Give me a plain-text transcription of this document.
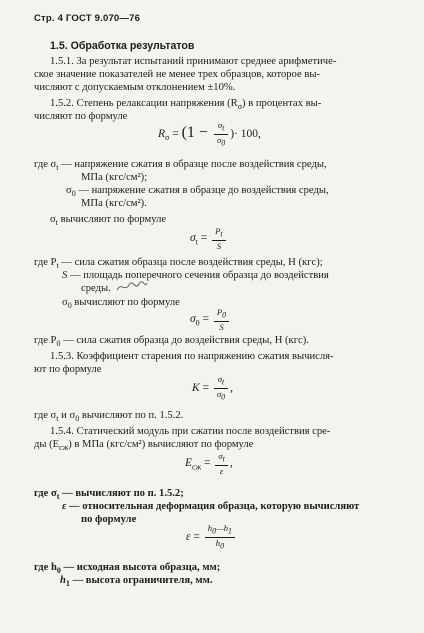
Стр. 4 ГОСТ 9.070—76
1.5. Обработка результатов
1.5.1. За результат испытаний принимают среднее арифметиче-
ское значение показателей не менее трех образцов, которое вы-
числяют с допускаемым отклонением ±10%.
1.5.2. Степень релаксации напряжения $(R_\sigma)$ в процентах вы-
числяют по формуле
$R_\sigma = (1 - \frac{\sigma_t}{\sigma_0}$ )· 100,
где $\sigma_t$ — напряжение сжатия в образце после воздействия среды,
МПа (кгс/см²);
$\sigma_0$ — напряжение сжатия в образце до воздействия среды,
МПа (кгс/см²).
$\sigma_t$ вычисляют по формуле
$\sigma_t = \frac{P_t}{S}$
где $P_t$ — сила сжатия образца после воздействия среды, Н (кгс);
S — площадь поперечного сечения образца до воздействия
среды.
$\sigma_0$ вычисляют по формуле
$\sigma_0 = \frac{P_0}{S}$
где $P_0$ — сила сжатия образца до воздействия среды, Н (кгс).
1.5.3. Коэффициент старения по напряжению сжатия вычисля-
ют по формуле
$K = \frac{\sigma_t}{\sigma_0}$ ,
где $\sigma_t$ и $\sigma_0$ вычисляют по п. 1.5.2.
1.5.4. Статический модуль при сжатии после воздействия сре-
ды $(E_{сж})$ в МПа (кгс/см²) вычисляют по формуле
$E_{сж} = \frac{\sigma_t}{\varepsilon}$ ,
где $\sigma_t$ — вычисляют по п. 1.5.2;
ε — относительная деформация образца, которую вычисляют
по формуле
$\varepsilon = \frac{h_0—h_1}{h_0}$
где $h_0$ — исходная высота образца, мм;
$h_1$ — высота ограничителя, мм.
